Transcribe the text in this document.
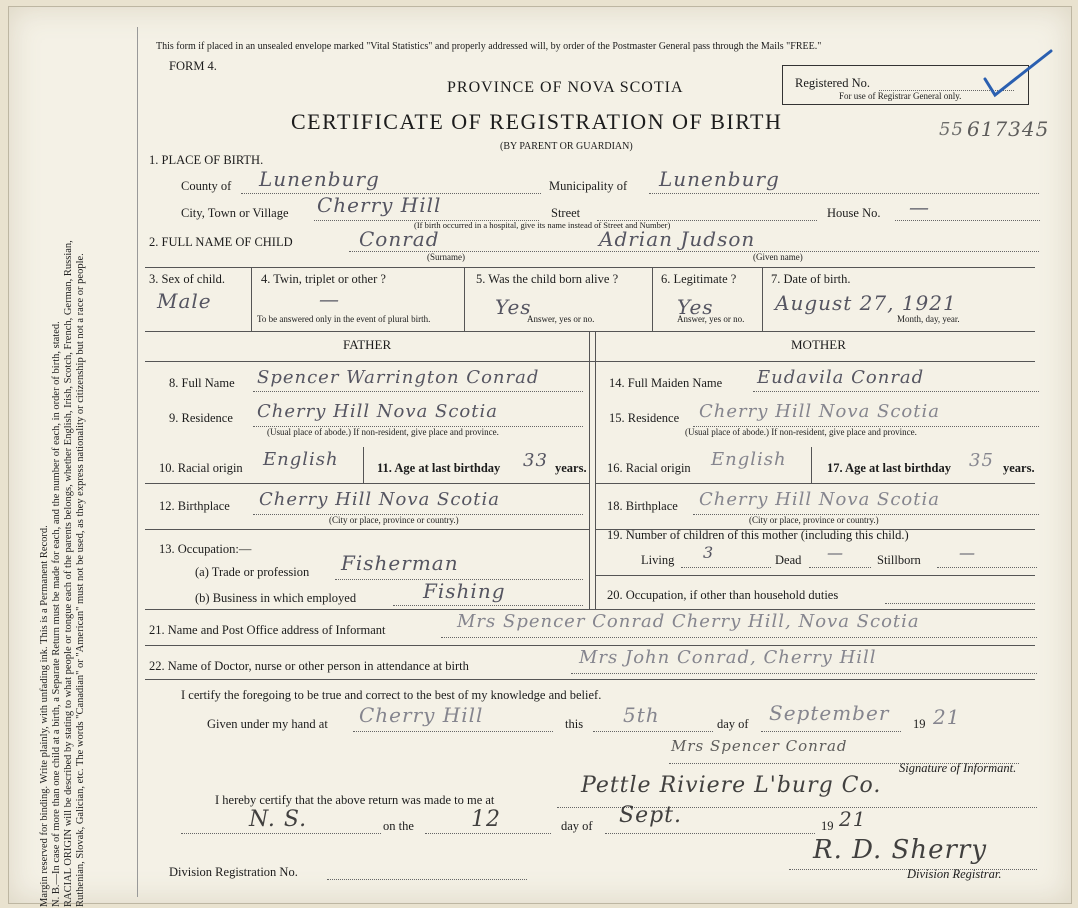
Margin reserved for binding. Write plainly, with unfading ink. This is a Permanent Record. N. B.—In case of more than one child at a birth, a Separate Return must be made for each, and the number of each, in order of birth, stated. RACIAL ORIGIN will be described by stating to what people or tongue each of the parents belongs, whether English, Irish, Scotch, French, German, Russian, Ruthenian, Slovak, Galician, etc. The words "Canadian" or "American" must not be used, as they express nationality or citizenship but not a race or people.
This form if placed in an unsealed envelope marked "Vital Statistics" and properly addressed will, by order of the Postmaster General pass through the Mails "FREE."
FORM 4.
PROVINCE OF NOVA SCOTIA
CERTIFICATE OF REGISTRATION OF BIRTH
(BY PARENT OR GUARDIAN)
Registered No.
For use of Registrar General only.
55 617345
1. PLACE OF BIRTH.
County of Lunenburg	Municipality of Lunenburg
City, Town or Village Cherry Hill	Street
(If birth occurred in a hospital, give its name instead of Street and Number)
House No. —
2. FULL NAME OF CHILD	Conrad
(Surname)
Adrian Judson
(Given name)
3. Sex of child.
Male
4. Twin, triplet or other ?
—
To be answered only in the event of plural birth.
5. Was the child born alive ?
Yes
Answer, yes or no.
6. Legitimate ?
Yes
Answer, yes or no.
7. Date of birth.
August 27, 1921
Month, day, year.
FATHER	MOTHER
8. Full Name Spencer Warrington Conrad
9. Residence Cherry Hill Nova Scotia
(Usual place of abode.) If non-resident, give place and province.
10. Racial origin English	11. Age at last birthday 33 years.
12. Birthplace Cherry Hill Nova Scotia
(City or place, province or country.)
13. Occupation:—
(a) Trade or profession Fisherman
(b) Business in which employed	Fishing
14. Full Maiden Name Eudavila Conrad
15. Residence Cherry Hill Nova Scotia
(Usual place of abode.) If non-resident, give place and province.
16. Racial origin English	17. Age at last birthday 35 years.
18. Birthplace Cherry Hill Nova Scotia
(City or place, province or country.)
19. Number of children of this mother (including this child.)
Living 3	Dead —	Stillborn —
20. Occupation, if other than household duties
21. Name and Post Office address of Informant	Mrs Spencer Conrad Cherry Hill, Nova Scotia
22. Name of Doctor, nurse or other person in attendance at birth	Mrs John Conrad, Cherry Hill
I certify the foregoing to be true and correct to the best of my knowledge and belief.
Given under my hand at Cherry Hill	this 5th	day of September 19 21
Mrs Spencer Conrad
Signature of Informant.
I hereby certify that the above return was made to me at
Pettle Riviere L'burg Co.
N. S.	on the	12	day of Sept.	19 21
R. D. Sherry
Division Registrar.
Division Registration No.
